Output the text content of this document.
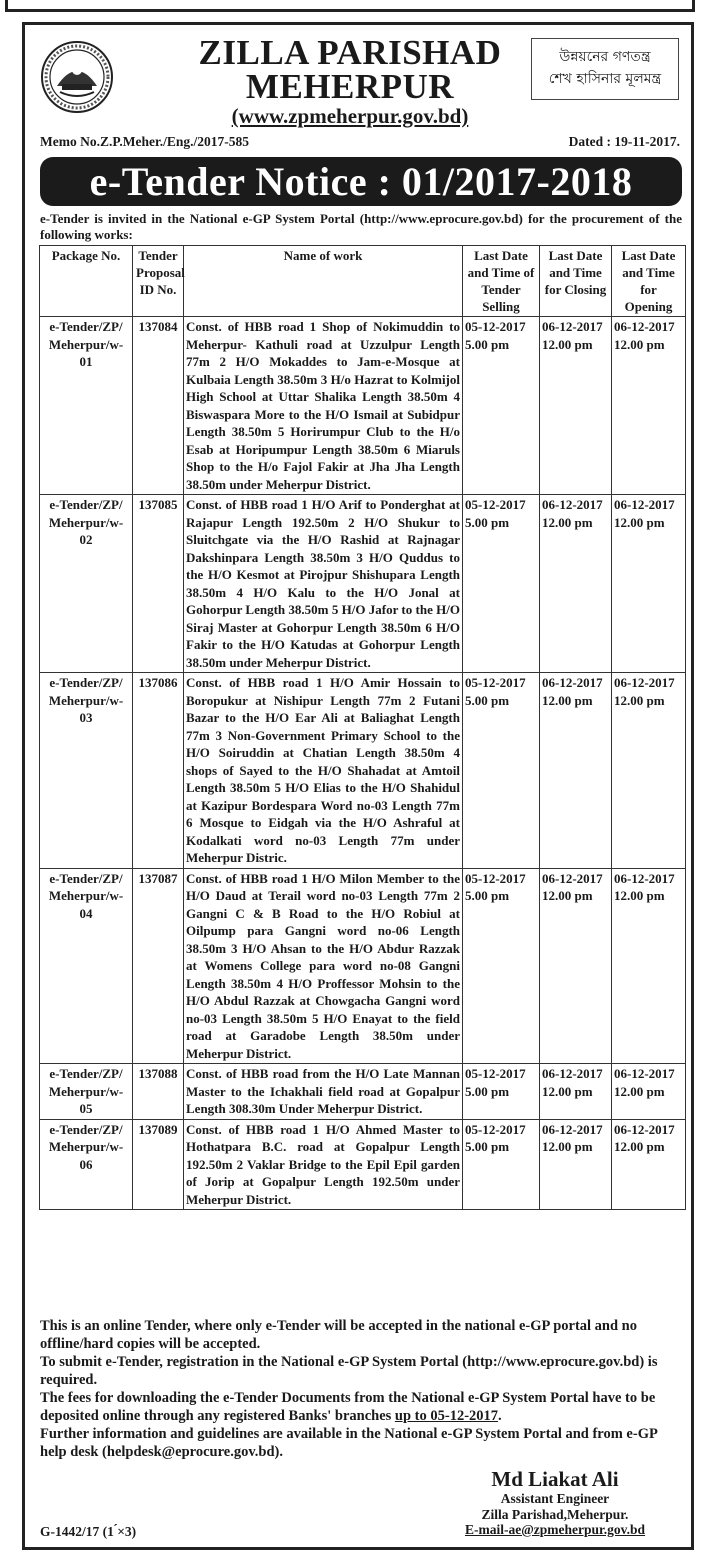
ZILLA PARISHAD
MEHERPUR
(www.zpmeherpur.gov.bd)
উন্নয়নের গণতন্ত্র
শেখ হাসিনার মূলমন্ত্র
Memo No.Z.P.Meher./Eng./2017-585	Dated : 19-11-2017.
e-Tender Notice : 01/2017-2018
e-Tender is invited in the National e-GP System Portal (http://www.eprocure.gov.bd) for the procurement of the following works:
Package No.	Tender Proposal ID No.	Name of work	Last Date and Time of Tender Selling	Last Date and Time for Closing	Last Date and Time for Opening
e-Tender/ZP/ Meherpur/w-01	137084	Const. of HBB road 1 Shop of Nokimuddin to Meherpur- Kathuli road at Uzzulpur Length 77m 2 H/O Mokaddes to Jam-e-Mosque at Kulbaia Length 38.50m 3 H/o Hazrat to Kolmijol High School at Uttar Shalika Length 38.50m 4 Biswaspara More to the H/O Ismail at Subidpur Length 38.50m 5 Horirumpur Club to the H/o Esab at Horipumpur Length 38.50m 6 Miaruls Shop to the H/o Fajol Fakir at Jha Jha Length 38.50m under Meherpur District.	05-12-2017 5.00 pm	06-12-2017 12.00 pm	06-12-2017 12.00 pm
e-Tender/ZP/ Meherpur/w-02	137085	Const. of HBB road 1 H/O Arif to Ponderghat at Rajapur Length 192.50m 2 H/O Shukur to Sluitchgate via the H/O Rashid at Rajnagar Dakshinpara Length 38.50m 3 H/O Quddus to the H/O Kesmot at Pirojpur Shishupara Length 38.50m 4 H/O Kalu to the H/O Jonal at Gohorpur Length 38.50m 5 H/O Jafor to the H/O Siraj Master at Gohorpur Length 38.50m 6 H/O Fakir to the H/O Katudas at Gohorpur Length 38.50m under Meherpur District.	05-12-2017 5.00 pm	06-12-2017 12.00 pm	06-12-2017 12.00 pm
e-Tender/ZP/ Meherpur/w-03	137086	Const. of HBB road 1 H/O Amir Hossain to Boropukur at Nishipur Length 77m 2 Futani Bazar to the H/O Ear Ali at Baliaghat Length 77m 3 Non-Government Primary School to the H/O Soiruddin at Chatian Length 38.50m 4 shops of Sayed to the H/O Shahadat at Amtoil Length 38.50m 5 H/O Elias to the H/O Shahidul at Kazipur Bordespara Word no-03 Length 77m 6 Mosque to Eidgah via the H/O Ashraful at Kodalkati word no-03 Length 77m under Meherpur Distric.	05-12-2017 5.00 pm	06-12-2017 12.00 pm	06-12-2017 12.00 pm
e-Tender/ZP/ Meherpur/w-04	137087	Const. of HBB road 1 H/O Milon Member to the H/O Daud at Terail word no-03 Length 77m 2 Gangni C & B Road to the H/O Robiul at Oilpump para Gangni word no-06 Length 38.50m 3 H/O Ahsan to the H/O Abdur Razzak at Womens College para word no-08 Gangni Length 38.50m 4 H/O Proffessor Mohsin to the H/O Abdul Razzak at Chowgacha Gangni word no-03 Length 38.50m 5 H/O Enayat to the field road at Garadobe Length 38.50m under Meherpur District.	05-12-2017 5.00 pm	06-12-2017 12.00 pm	06-12-2017 12.00 pm
e-Tender/ZP/ Meherpur/w-05	137088	Const. of HBB road from the H/O Late Mannan Master to the Ichakhali field road at Gopalpur Length 308.30m Under Meherpur District.	05-12-2017 5.00 pm	06-12-2017 12.00 pm	06-12-2017 12.00 pm
e-Tender/ZP/ Meherpur/w-06	137089	Const. of HBB road 1 H/O Ahmed Master to Hothatpara B.C. road at Gopalpur Length 192.50m 2 Vaklar Bridge to the Epil Epil garden of Jorip at Gopalpur Length 192.50m under Meherpur District.	05-12-2017 5.00 pm	06-12-2017 12.00 pm	06-12-2017 12.00 pm

This is an online Tender, where only e-Tender will be accepted in the national e-GP portal and no offline/hard copies will be accepted.

To submit e-Tender, registration in the National e-GP System Portal (http://www.eprocure.gov.bd) is required.

The fees for downloading the e-Tender Documents from the National e-GP System Portal have to be deposited online through any registered Banks' branches up to 05-12-2017.

Further information and guidelines are available in the National e-GP System Portal and from e-GP help desk (helpdesk@eprocure.gov.bd).

Md Liakat Ali
Assistant Engineer
Zilla Parishad,Meherpur.
E-mail-ae@zpmeherpur.gov.bd
G-1442/17 (1 ́×3)
